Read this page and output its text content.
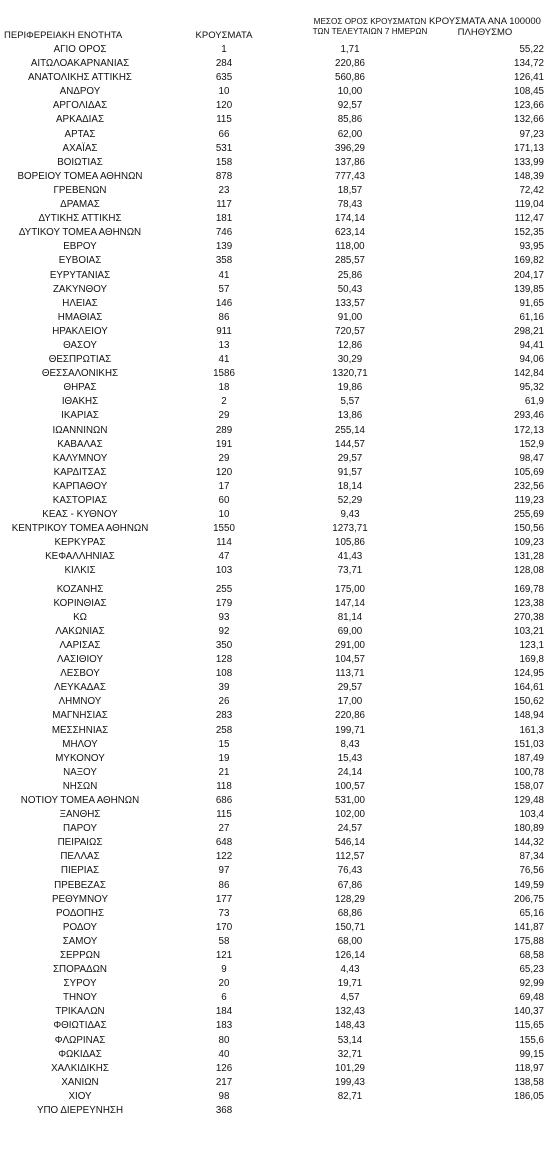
ΠΕΡΙΦΕΡΕΙΑΚΗ ΕΝΟΤΗΤΑ	ΚΡΟΥΣΜΑΤΑ
ΜΕΣΟΣ ΟΡΟΣ ΚΡΟΥΣΜΑΤΩΝ
ΤΩΝ ΤΕΛΕΥΤΑΙΩΝ 7 ΗΜΕΡΩΝ
ΚΡΟΥΣΜΑΤΑ ΑΝΑ 100000
ΠΛΗΘΥΣΜΟ
ΑΓΙΟ ΟΡΟΣ	1	1,71	55,22
ΑΙΤΩΛΟΑΚΑΡΝΑΝΙΑΣ	284	220,86	134,72
ΑΝΑΤΟΛΙΚΗΣ ΑΤΤΙΚΗΣ	635	560,86	126,41
ΑΝΔΡΟΥ	10	10,00	108,45
ΑΡΓΟΛΙΔΑΣ	120	92,57	123,66
ΑΡΚΑΔΙΑΣ	115	85,86	132,66
ΑΡΤΑΣ	66	62,00	97,23
ΑΧΑΪΑΣ	531	396,29	171,13
ΒΟΙΩΤΙΑΣ	158	137,86	133,99
ΒΟΡΕΙΟΥ ΤΟΜΕΑ ΑΘΗΝΩΝ	878	777,43	148,39
ΓΡΕΒΕΝΩΝ	23	18,57	72,42
ΔΡΑΜΑΣ	117	78,43	119,04
ΔΥΤΙΚΗΣ ΑΤΤΙΚΗΣ	181	174,14	112,47
ΔΥΤΙΚΟΥ ΤΟΜΕΑ ΑΘΗΝΩΝ	746	623,14	152,35
ΕΒΡΟΥ	139	118,00	93,95
ΕΥΒΟΙΑΣ	358	285,57	169,82
ΕΥΡΥΤΑΝΙΑΣ	41	25,86	204,17
ΖΑΚΥΝΘΟΥ	57	50,43	139,85
ΗΛΕΙΑΣ	146	133,57	91,65
ΗΜΑΘΙΑΣ	86	91,00	61,16
ΗΡΑΚΛΕΙΟΥ	911	720,57	298,21
ΘΑΣΟΥ	13	12,86	94,41
ΘΕΣΠΡΩΤΙΑΣ	41	30,29	94,06
ΘΕΣΣΑΛΟΝΙΚΗΣ	1586	1320,71	142,84
ΘΗΡΑΣ	18	19,86	95,32
ΙΘΑΚΗΣ	2	5,57	61,9
ΙΚΑΡΙΑΣ	29	13,86	293,46
ΙΩΑΝΝΙΝΩΝ	289	255,14	172,13
ΚΑΒΑΛΑΣ	191	144,57	152,9
ΚΑΛΥΜΝΟΥ	29	29,57	98,47
ΚΑΡΔΙΤΣΑΣ	120	91,57	105,69
ΚΑΡΠΑΘΟΥ	17	18,14	232,56
ΚΑΣΤΟΡΙΑΣ	60	52,29	119,23
ΚΕΑΣ - ΚΥΘΝΟΥ	10	9,43	255,69
ΚΕΝΤΡΙΚΟΥ ΤΟΜΕΑ ΑΘΗΝΩΝ	1550	1273,71	150,56
ΚΕΡΚΥΡΑΣ	114	105,86	109,23
ΚΕΦΑΛΛΗΝΙΑΣ	47	41,43	131,28
ΚΙΛΚΙΣ	103	73,71	128,08
ΚΟΖΑΝΗΣ	255	175,00	169,78
ΚΟΡΙΝΘΙΑΣ	179	147,14	123,38
ΚΩ	93	81,14	270,38
ΛΑΚΩΝΙΑΣ	92	69,00	103,21
ΛΑΡΙΣΑΣ	350	291,00	123,1
ΛΑΣΙΘΙΟΥ	128	104,57	169,8
ΛΕΣΒΟΥ	108	113,71	124,95
ΛΕΥΚΑΔΑΣ	39	29,57	164,61
ΛΗΜΝΟΥ	26	17,00	150,62
ΜΑΓΝΗΣΙΑΣ	283	220,86	148,94
ΜΕΣΣΗΝΙΑΣ	258	199,71	161,3
ΜΗΛΟΥ	15	8,43	151,03
ΜΥΚΟΝΟΥ	19	15,43	187,49
ΝΑΞΟΥ	21	24,14	100,78
ΝΗΣΩΝ	118	100,57	158,07
ΝΟΤΙΟΥ ΤΟΜΕΑ ΑΘΗΝΩΝ	686	531,00	129,48
ΞΑΝΘΗΣ	115	102,00	103,4
ΠΑΡΟΥ	27	24,57	180,89
ΠΕΙΡΑΙΩΣ	648	546,14	144,32
ΠΕΛΛΑΣ	122	112,57	87,34
ΠΙΕΡΙΑΣ	97	76,43	76,56
ΠΡΕΒΕΖΑΣ	86	67,86	149,59
ΡΕΘΥΜΝΟΥ	177	128,29	206,75
ΡΟΔΟΠΗΣ	73	68,86	65,16
ΡΟΔΟΥ	170	150,71	141,87
ΣΑΜΟΥ	58	68,00	175,88
ΣΕΡΡΩΝ	121	126,14	68,58
ΣΠΟΡΑΔΩΝ	9	4,43	65,23
ΣΥΡΟΥ	20	19,71	92,99
ΤΗΝΟΥ	6	4,57	69,48
ΤΡΙΚΑΛΩΝ	184	132,43	140,37
ΦΘΙΩΤΙΔΑΣ	183	148,43	115,65
ΦΛΩΡΙΝΑΣ	80	53,14	155,6
ΦΩΚΙΔΑΣ	40	32,71	99,15
ΧΑΛΚΙΔΙΚΗΣ	126	101,29	118,97
ΧΑΝΙΩΝ	217	199,43	138,58
ΧΙΟΥ	98	82,71	186,05
ΥΠΟ ΔΙΕΡΕΥΝΗΣΗ	368
